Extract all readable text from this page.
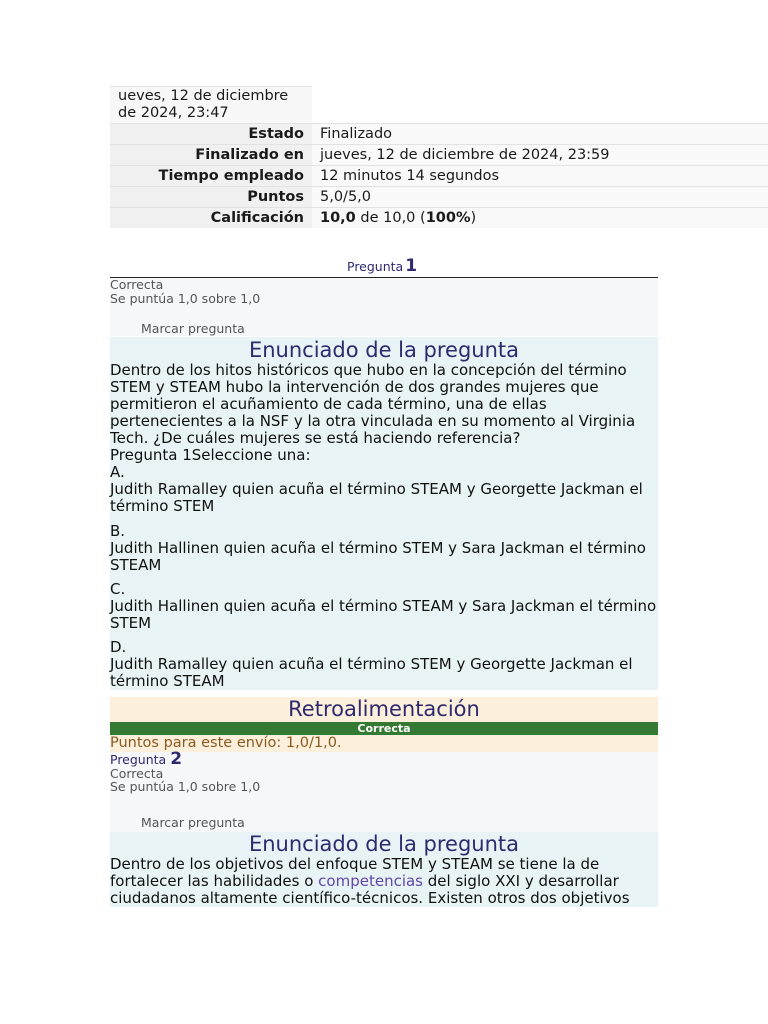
ueves, 12 de diciembre de 2024, 23:47	
Estado	Finalizado
Finalizado en	jueves, 12 de diciembre de 2024, 23:59
Tiempo empleado	12 minutos 14 segundos
Puntos	5,0/5,0
Calificación	10,0 de 10,0 (100%)
Pregunta 1
Correcta
Se puntúa 1,0 sobre 1,0
Marcar pregunta
Enunciado de la pregunta

Dentro de los hitos históricos que hubo en la concepción del término STEM y STEAM hubo la intervención de dos grandes mujeres que permitieron el acuñamiento de cada término, una de ellas pertenecientes a la NSF y la otra vinculada en su momento al Virginia Tech. ¿De cuáles mujeres se está haciendo referencia?

Pregunta 1Seleccione una:
A.
Judith Ramalley quien acuña el término STEAM y Georgette Jackman el término STEM
B.
Judith Hallinen quien acuña el término STEM y Sara Jackman el término STEAM
C.
Judith Hallinen quien acuña el término STEAM y Sara Jackman el término STEM
D.
Judith Ramalley quien acuña el término STEM y Georgette Jackman el término STEAM
Retroalimentación
Correcta
Puntos para este envío: 1,0/1,0.
Pregunta 2
Correcta
Se puntúa 1,0 sobre 1,0
Marcar pregunta
Enunciado de la pregunta

Dentro de los objetivos del enfoque STEM y STEAM se tiene la de fortalecer las habilidades o competencias del siglo XXI y desarrollar ciudadanos altamente científico-técnicos. Existen otros dos objetivos
